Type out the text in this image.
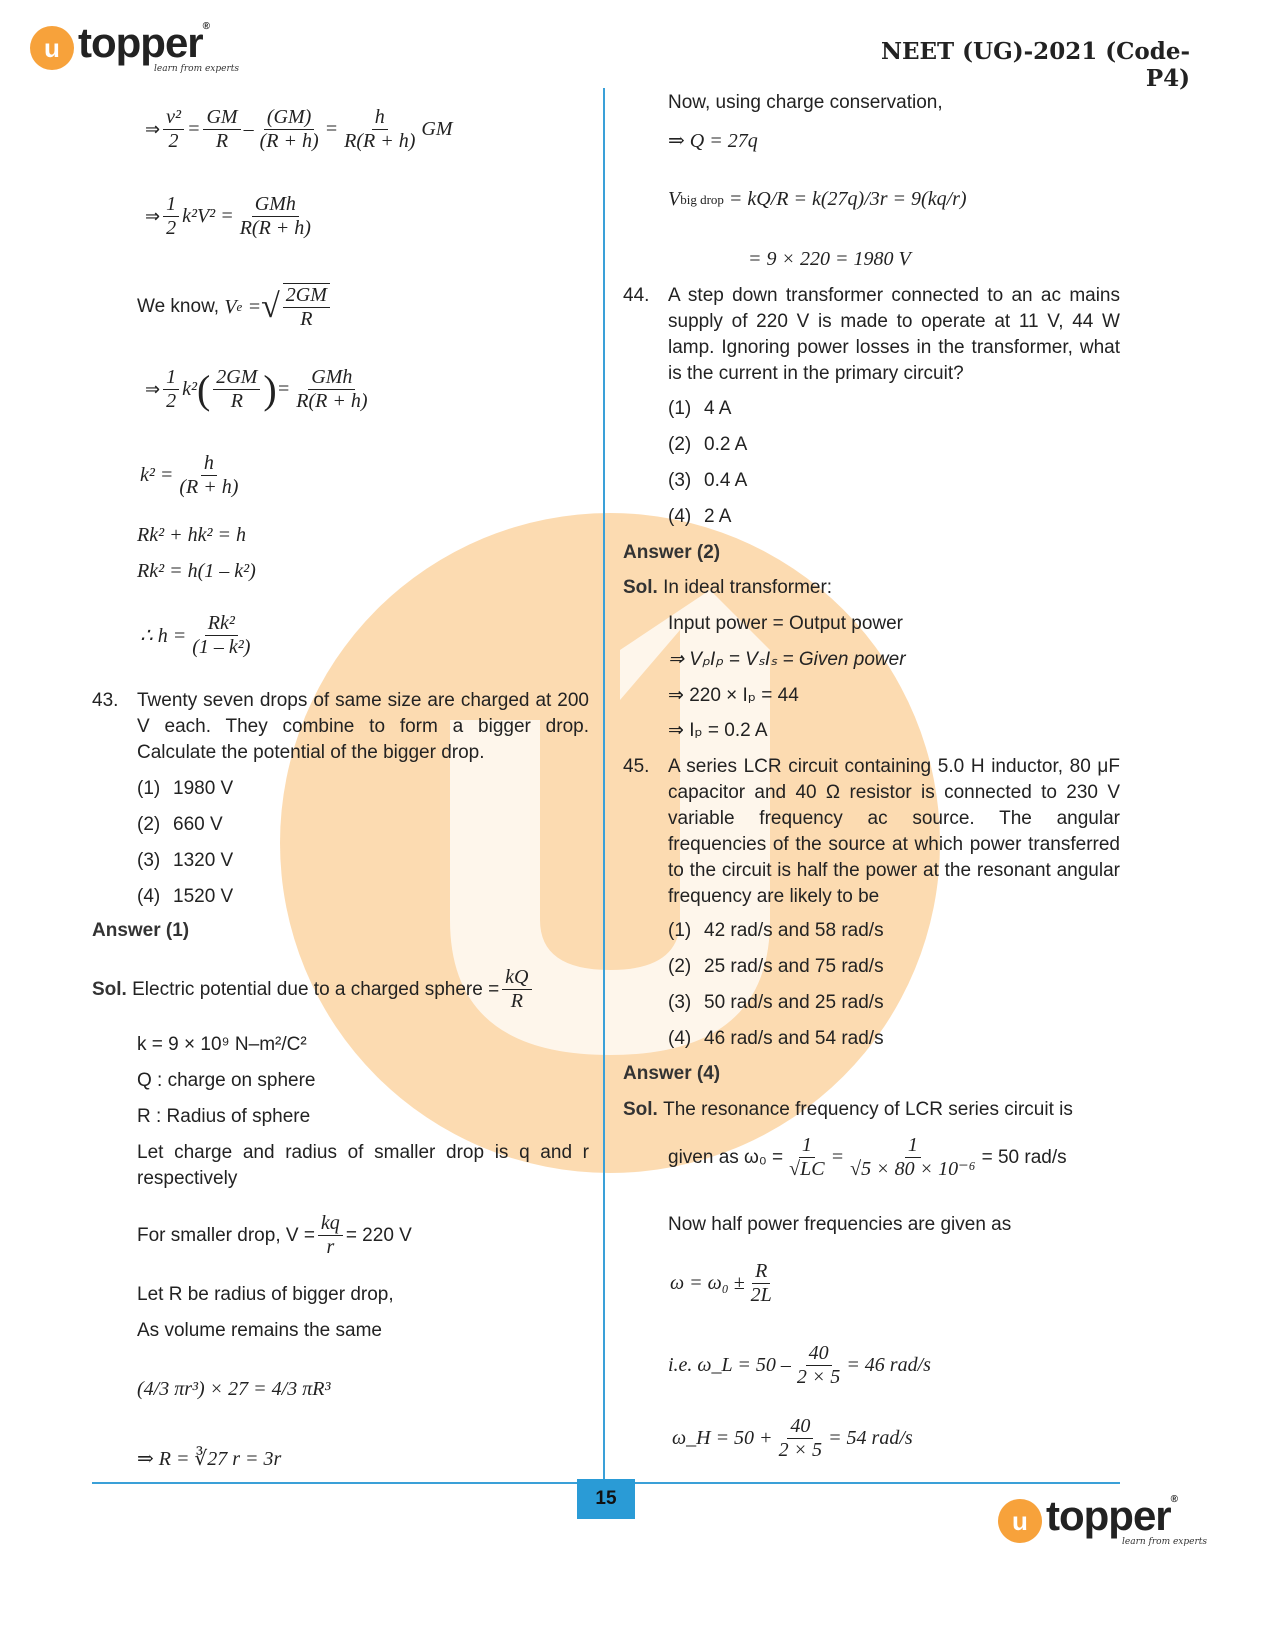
u topper®
learn from experts
NEET (UG)-2021 (Code-P4)
⇒ $\frac{\text{v²}}{2} = \frac{GM}{R} - \frac{(GM)}{(R + h)} = \frac{h}{R(R + h)}$ GM
⇒ $\frac{1}{2} k^2V^2 = \frac{\text{GMh}}{R(R + h)}$
We know,
V e
= √ $\frac{2GM}{R}$
⇒ $\frac{1}{2} k^2$ ( $\frac{2GM}{R}$ ) = $\frac{\text{GMh}}{R(R + h)}$
$k^2 = \frac{h}{(R + h)}$
Rk² + hk² = h
Rk² = h(1 – k²)
∴ $h = \frac{\text{Rk²}}{\text{(1 – k²)}}$
43. Twenty seven drops of same size are charged at 200 V each. They combine to form a bigger drop. Calculate the potential of the bigger drop.
(1) 1980 V
(2) 660 V
(3) 1320 V
(4) 1520 V
Answer (1)
Sol.
Electric potential due to a charged sphere = $\frac{kQ}{R}$
k = 9 × 10⁹ N–m²/C²
Q : charge on sphere
R : Radius of sphere
Let charge and radius of smaller drop is q and r respectively
For smaller drop, $V = \frac{kq}{r} = 220$ V
Let R be radius of bigger drop,
As volume remains the same
(4/3 πr³) × 27 = 4/3 πR³
⇒ R = ∛27 r = 3r
Now, using charge conservation,
⇒ Q = 27q
V big drop
= kQ/R = k(27q)/3r = 9(kq/r)
= 9 × 220 = 1980 V
44. A step down transformer connected to an ac mains supply of 220 V is made to operate at 11 V, 44 W lamp. Ignoring power losses in the transformer, what is the current in the primary circuit?
(1) 4 A
(2) 0.2 A
(3) 0.4 A
(4) 2 A
Answer (2)
Sol.
In ideal transformer:
Input power = Output power
⇒ VₚIₚ = VₛIₛ = Given power
⇒ 220 × Iₚ = 44
⇒ Iₚ = 0.2 A
45. A series LCR circuit containing 5.0 H inductor, 80 μF capacitor and 40 Ω resistor is connected to 230 V variable frequency ac source. The angular frequencies of the source at which power transferred to the circuit is half the power at the resonant angular frequency are likely to be
(1) 42 rad/s and 58 rad/s
(2) 25 rad/s and 75 rad/s
(3) 50 rad/s and 25 rad/s
(4) 46 rad/s and 54 rad/s
Answer (4)
Sol.
The resonance frequency of LCR series circuit is
given as $\omega_0 = \frac{1}{√LC} = \frac{1}{\text{√5 × 80 × 10⁻⁶}} = 50$ rad/s
Now half power frequencies are given as
$\omega = \omega_0 \pm \frac{R}{2L}$
i.e. ω_L = $50 - \frac{40}{2 \times 5} = 46$ rad/s
ω_H = $50 + \frac{40}{2 \times 5} = 54$ rad/s
15
u topper®
learn from experts
